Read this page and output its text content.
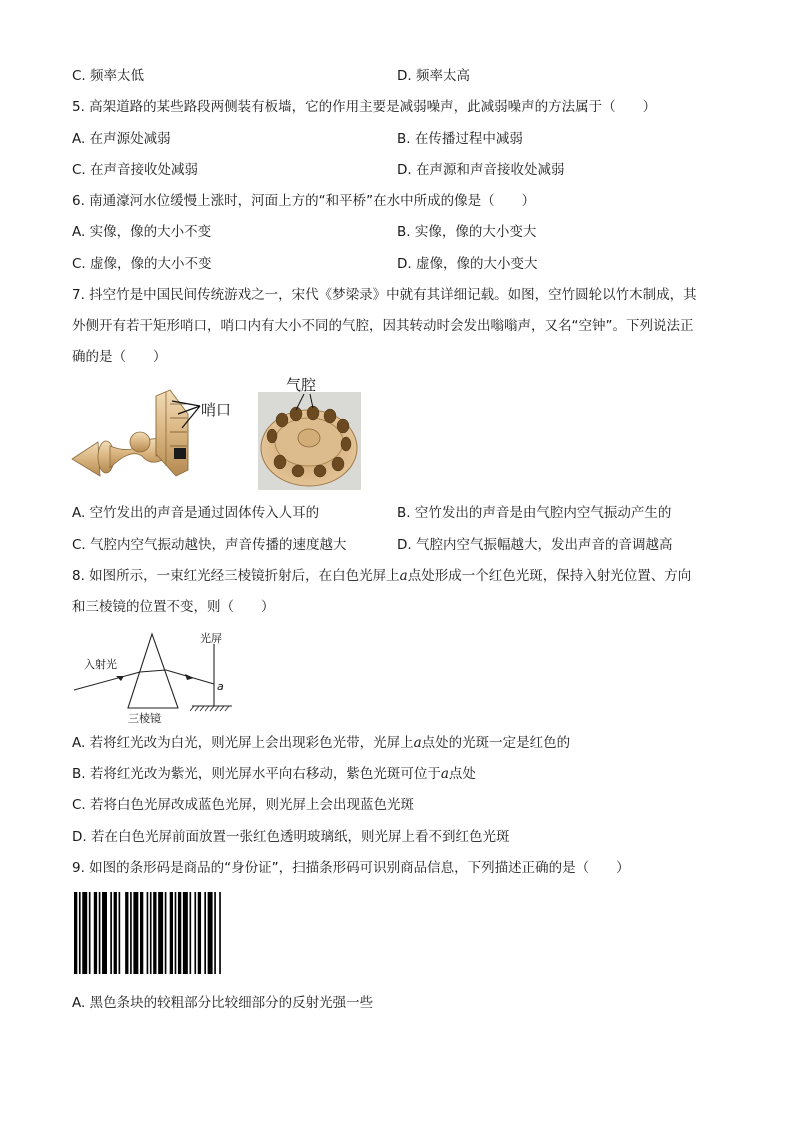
C. 频率太低	D. 频率太高
5. 高架道路的某些路段两侧装有板墙，它的作用主要是减弱噪声，此减弱噪声的方法属于（　　）
A. 在声源处减弱	B. 在传播过程中减弱
C. 在声音接收处减弱	D. 在声源和声音接收处减弱
6. 南通濠河水位缓慢上涨时，河面上方的“和平桥”在水中所成的像是（　　）
A. 实像，像的大小不变	B. 实像，像的大小变大
C. 虚像，像的大小不变	D. 虚像，像的大小变大
7. 抖空竹是中国民间传统游戏之一，宋代《梦梁录》中就有其详细记载。如图，空竹圆轮以竹木制成，其
外侧开有若干矩形哨口，哨口内有大小不同的气腔，因其转动时会发出嗡嗡声，又名“空钟”。下列说法正
确的是（　　）
哨口
气腔
A. 空竹发出的声音是通过固体传入人耳的	B. 空竹发出的声音是由气腔内空气振动产生的
C. 气腔内空气振动越快，声音传播的速度越大	D. 气腔内空气振幅越大，发出声音的音调越高
8. 如图所示，一束红光经三棱镜折射后，在白色光屏上a点处形成一个红色光斑，保持入射光位置、方向
和三棱镜的位置不变，则（　　）
入射光
三棱镜
光屏
a
A. 若将红光改为白光，则光屏上会出现彩色光带，光屏上a点处的光斑一定是红色的
B. 若将红光改为紫光，则光屏水平向右移动，紫色光斑可位于a点处
C. 若将白色光屏改成蓝色光屏，则光屏上会出现蓝色光斑
D. 若在白色光屏前面放置一张红色透明玻璃纸，则光屏上看不到红色光斑
9. 如图的条形码是商品的“身份证”，扫描条形码可识别商品信息，下列描述正确的是（　　）
A. 黑色条块的较粗部分比较细部分的反射光强一些
